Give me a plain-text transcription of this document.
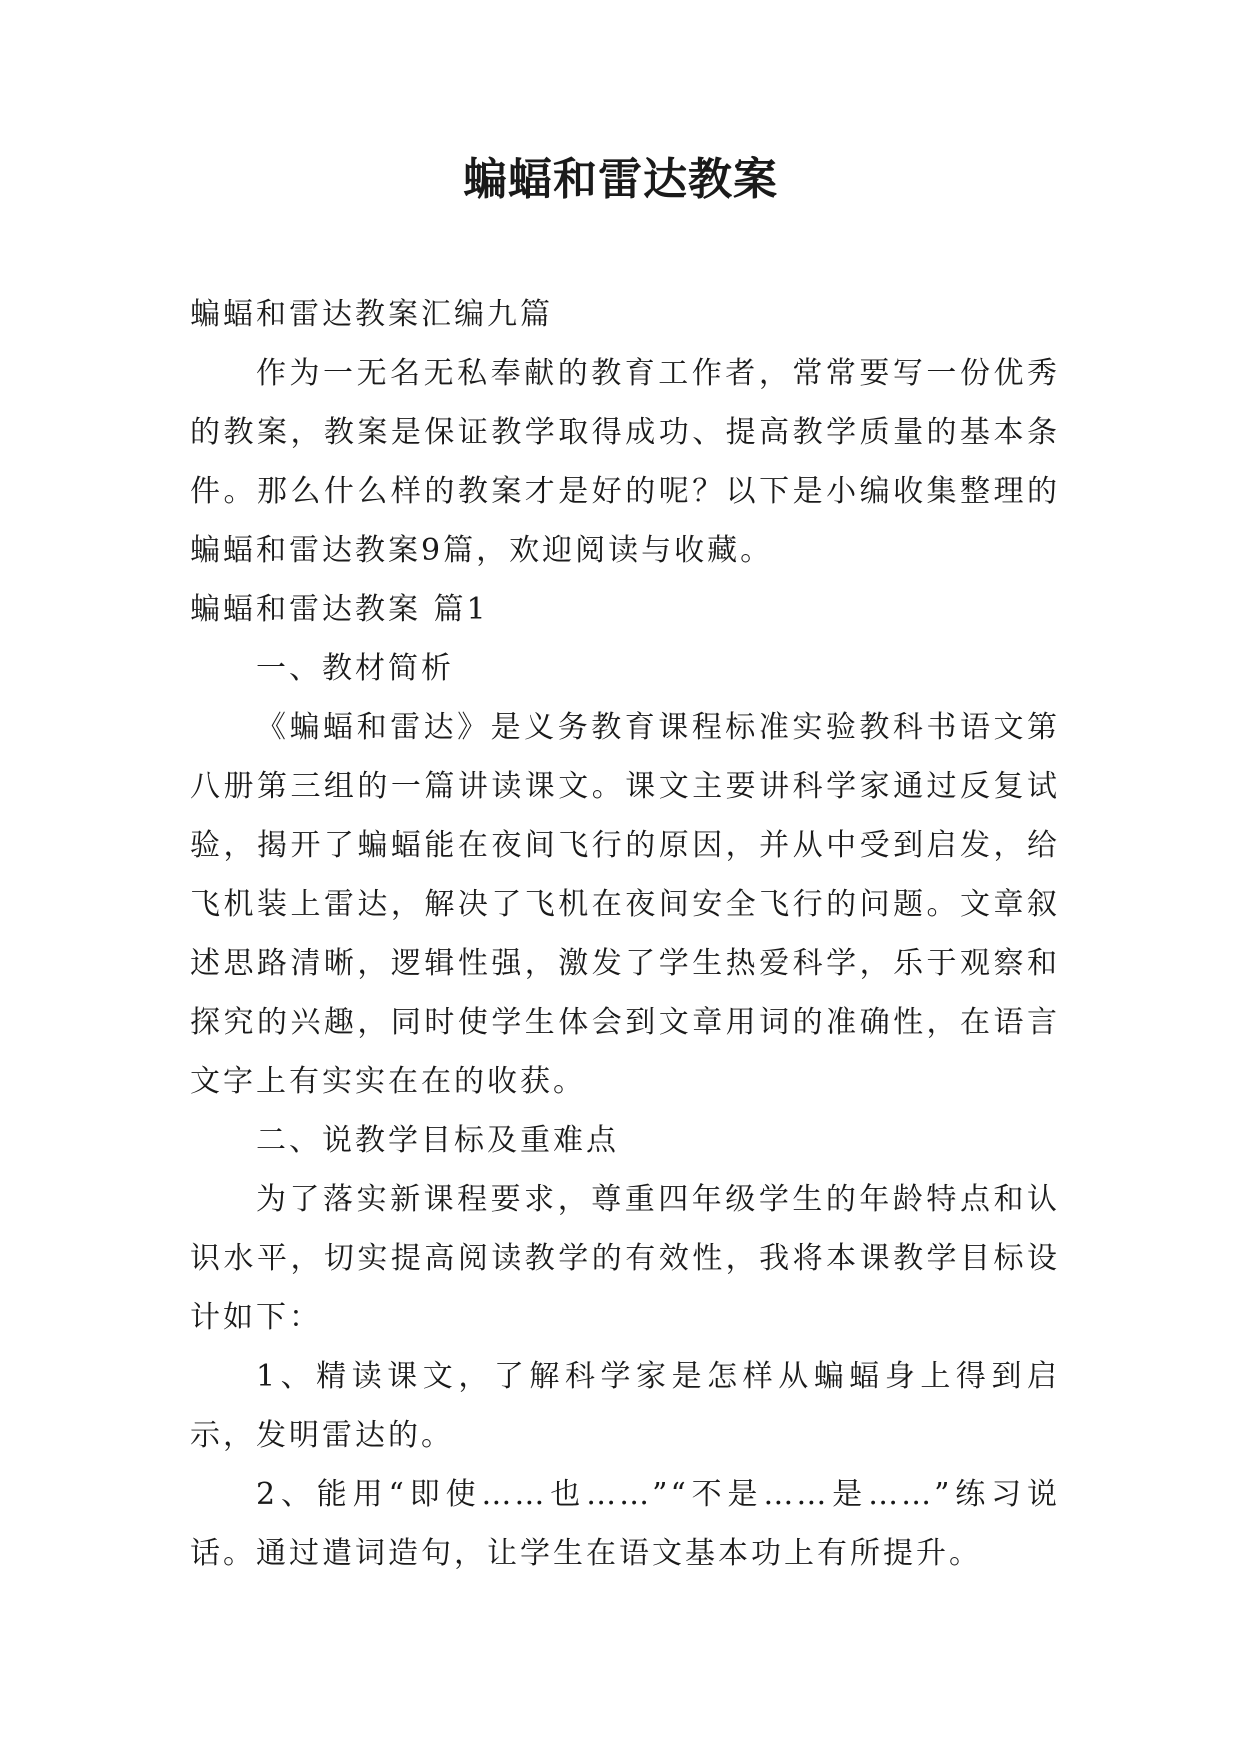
蝙蝠和雷达教案

蝙蝠和雷达教案汇编九篇

作为一无名无私奉献的教育工作者，常常要写一份优秀的教案，教案是保证教学取得成功、提高教学质量的基本条件。那么什么样的教案才是好的呢？以下是小编收集整理的蝙蝠和雷达教案9篇，欢迎阅读与收藏。

蝙蝠和雷达教案 篇1

一、教材简析

《蝙蝠和雷达》是义务教育课程标准实验教科书语文第八册第三组的一篇讲读课文。课文主要讲科学家通过反复试验，揭开了蝙蝠能在夜间飞行的原因，并从中受到启发，给飞机装上雷达，解决了飞机在夜间安全飞行的问题。文章叙述思路清晰，逻辑性强，激发了学生热爱科学，乐于观察和探究的兴趣，同时使学生体会到文章用词的准确性，在语言文字上有实实在在的收获。

二、说教学目标及重难点

为了落实新课程要求，尊重四年级学生的年龄特点和认识水平，切实提高阅读教学的有效性，我将本课教学目标设计如下：

1、精读课文，了解科学家是怎样从蝙蝠身上得到启示，发明雷达的。

2、能用“即使……也……”“不是……是……”练习说话。通过遣词造句，让学生在语文基本功上有所提升。
